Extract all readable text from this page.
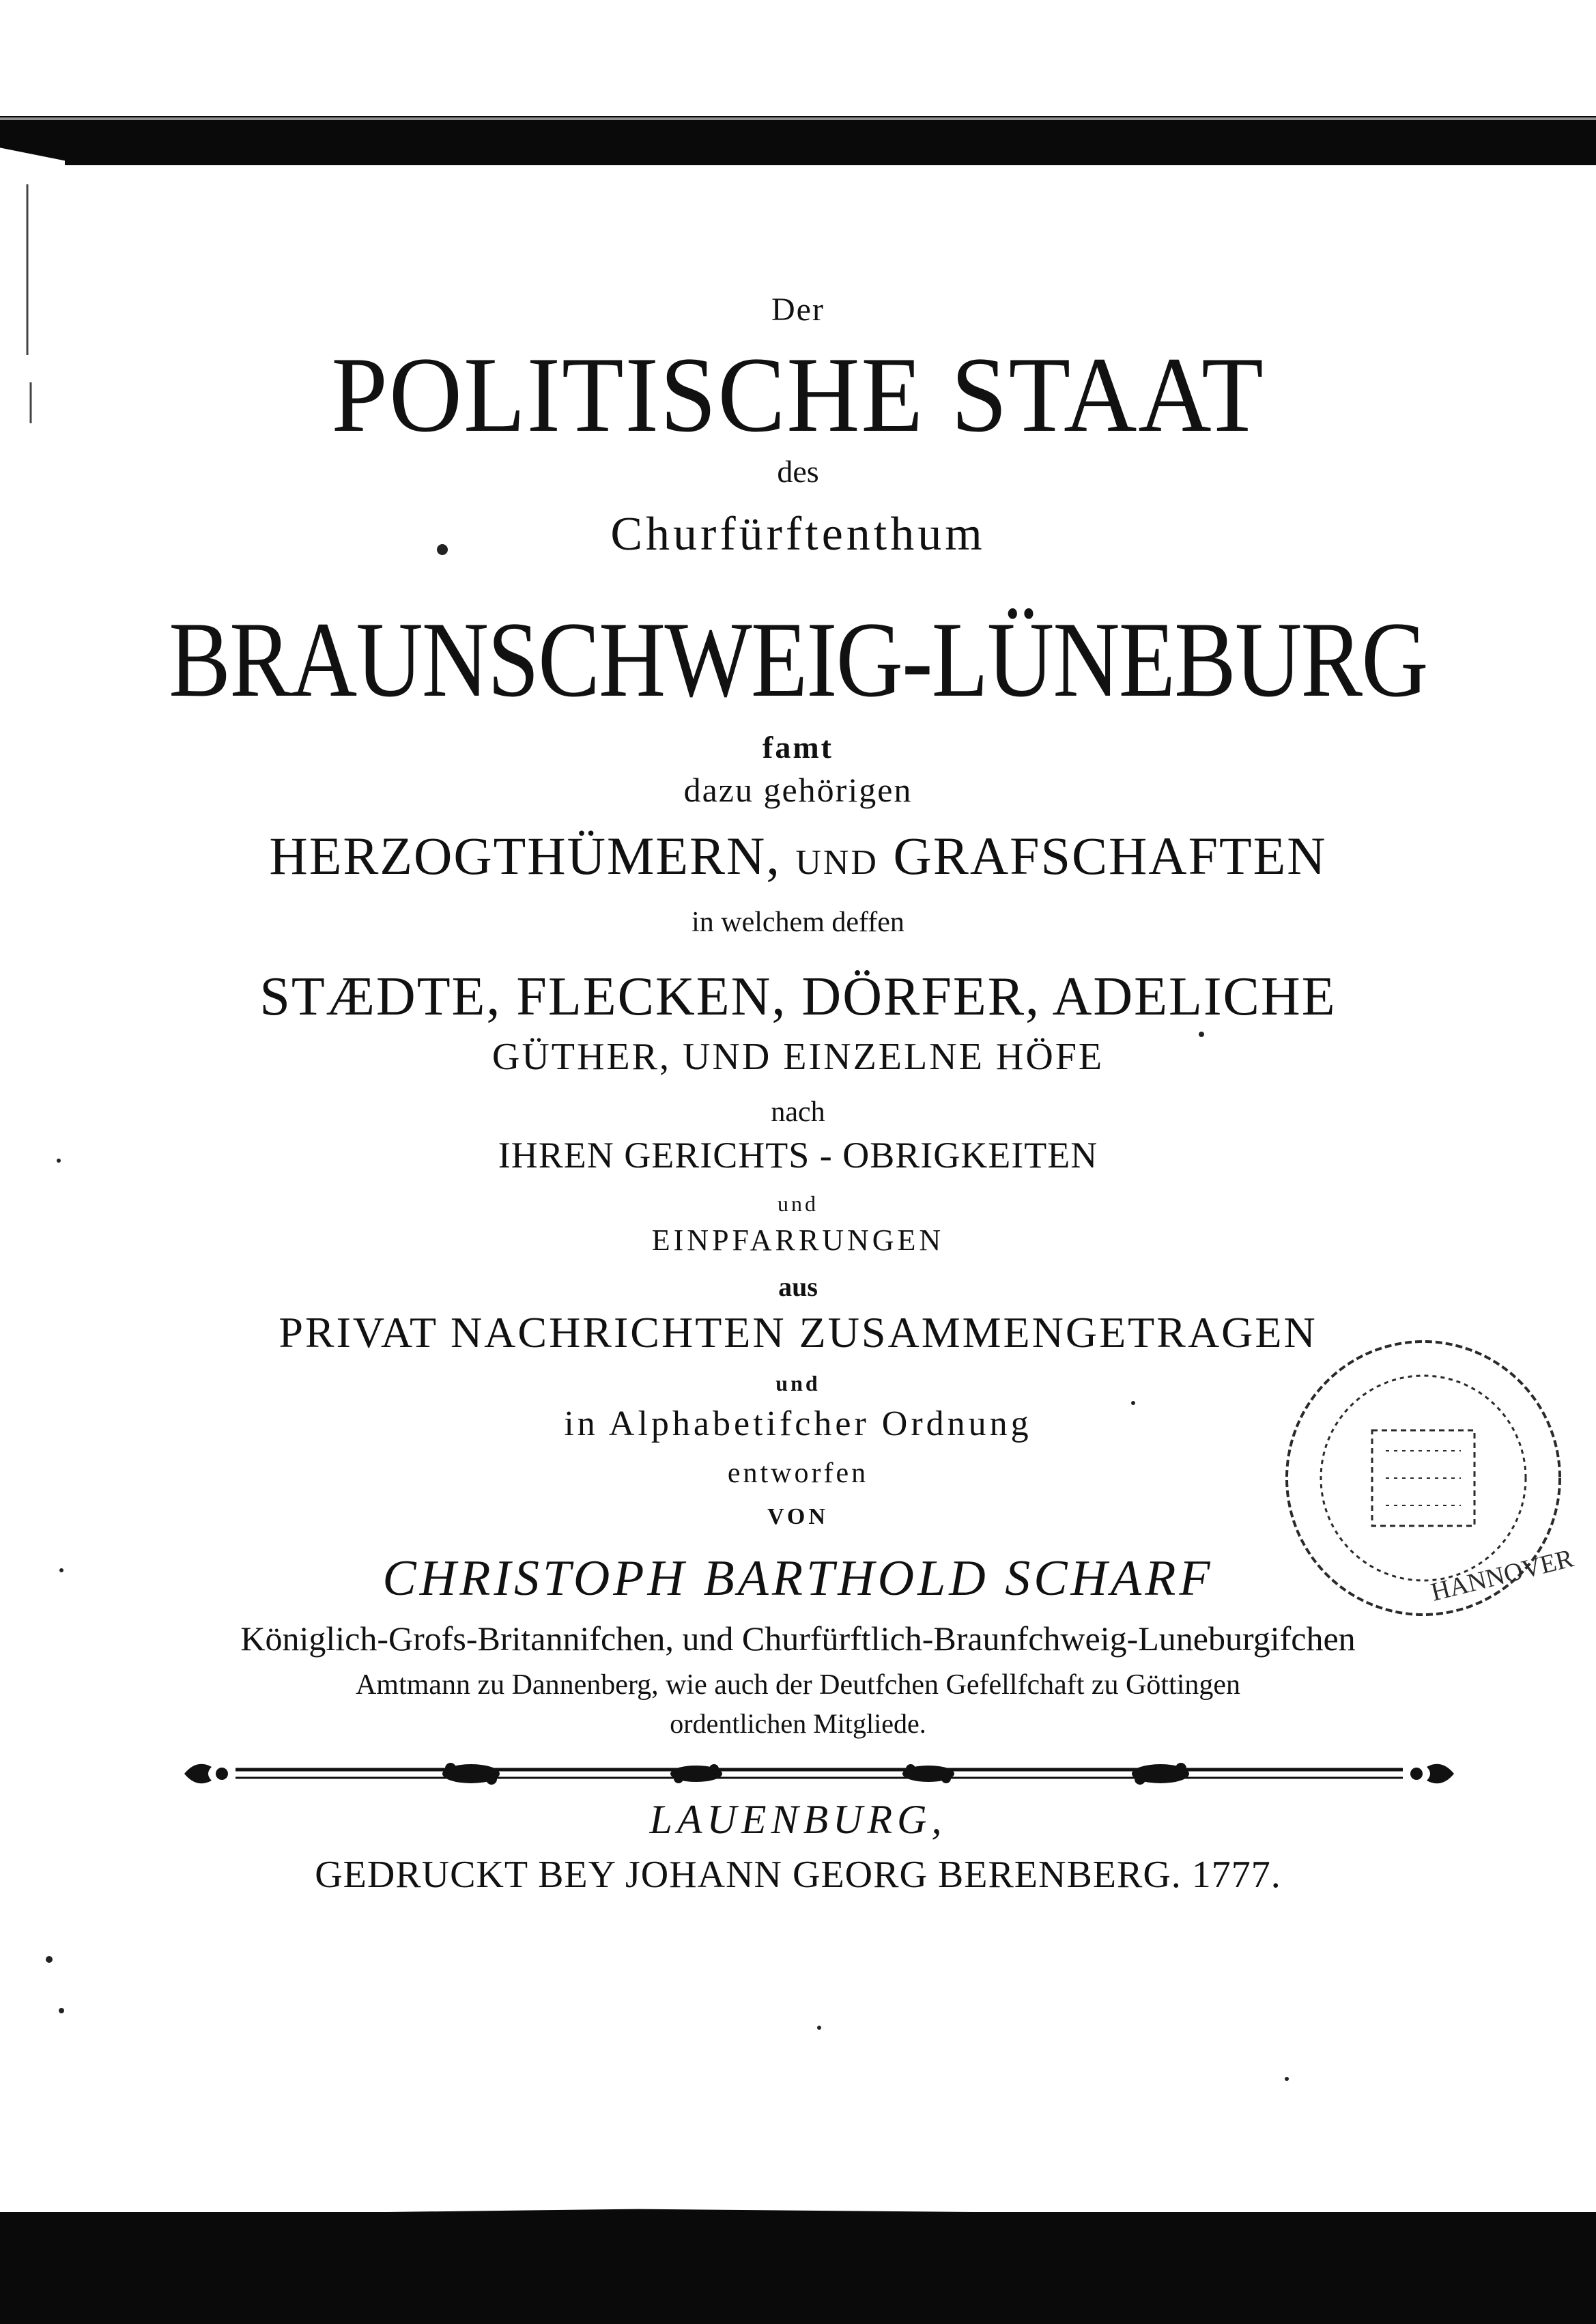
Der
POLITISCHE STAAT
des
Churfürftenthum
BRAUNSCHWEIG-LÜNEBURG
famt
dazu gehörigen
HERZOGTHÜMERN, UND GRAFSCHAFTEN
in welchem deffen
STÆDTE, FLECKEN, DÖRFER, ADELICHE
GÜTHER, UND EINZELNE HÖFE
nach
IHREN GERICHTS - OBRIGKEITEN
und
EINPFARRUNGEN
aus
PRIVAT NACHRICHTEN ZUSAMMENGETRAGEN
und
in Alphabetifcher Ordnung
entworfen
VON
CHRISTOPH BARTHOLD SCHARF
Königlich-Grofs-Britannifchen, und Churfürftlich-Braunfchweig-Luneburgifchen
Amtmann zu Dannenberg, wie auch der Deutfchen Gefellfchaft zu Göttingen
ordentlichen Mitgliede.
LAUENBURG,
GEDRUCKT BEY JOHANN GEORG BERENBERG. 1777.
HANNOVER
